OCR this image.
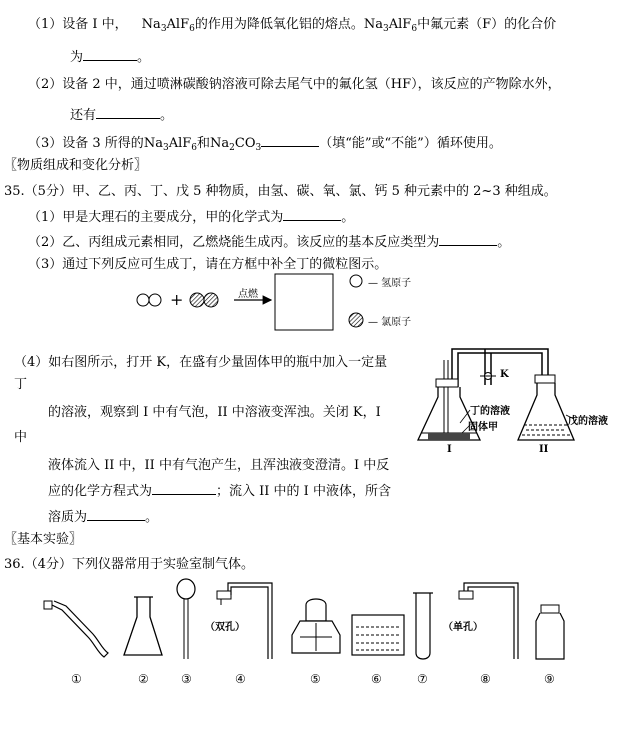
（1）设备 I 中， $Na_3AlF_6$的作用为降低氧化铝的熔点。$Na_3AlF_6$中氟元素（F）的化合价
为	。
（2）设备 2 中，通过喷淋碳酸钠溶液可除去尾气中的氟化氢（HF），该反应的产物除水外，
还有	。
（3）设备 3 所得的$Na_3AlF_6$和$Na_2CO_3$	（填“能”或“不能”）循环使用。
〖物质组成和变化分析〗
35.（5分）甲、乙、丙、丁、戊 5 种物质，由氢、碳、氧、氯、钙 5 种元素中的 2~3 种组成。
（1）甲是大理石的主要成分，甲的化学式为	。
（2）乙、丙组成元素相同，乙燃烧能生成丙。该反应的基本反应类型为	。
（3）通过下列反应可生成丁，请在方框中补全丁的微粒图示。
+	点燃
— 氢原子
— 氯原子
（4）如右图所示，打开 K，在盛有少量固体甲的瓶中加入一定量
丁
的溶液，观察到 I 中有气泡，II 中溶液变浑浊。关闭 K，I
中
液体流入 II 中，II 中有气泡产生，且浑浊液变澄清。I 中反
应的化学方程式为	；流入 II 中的 I 中液体，所含
溶质为	。
K
丁的溶液
固体甲
戊的溶液
I	II
〖基本实验〗
36.（4分）下列仪器常用于实验室制气体。
（双孔）	（单孔）
①	②	③	④	⑤	⑥	⑦	⑧	⑨
